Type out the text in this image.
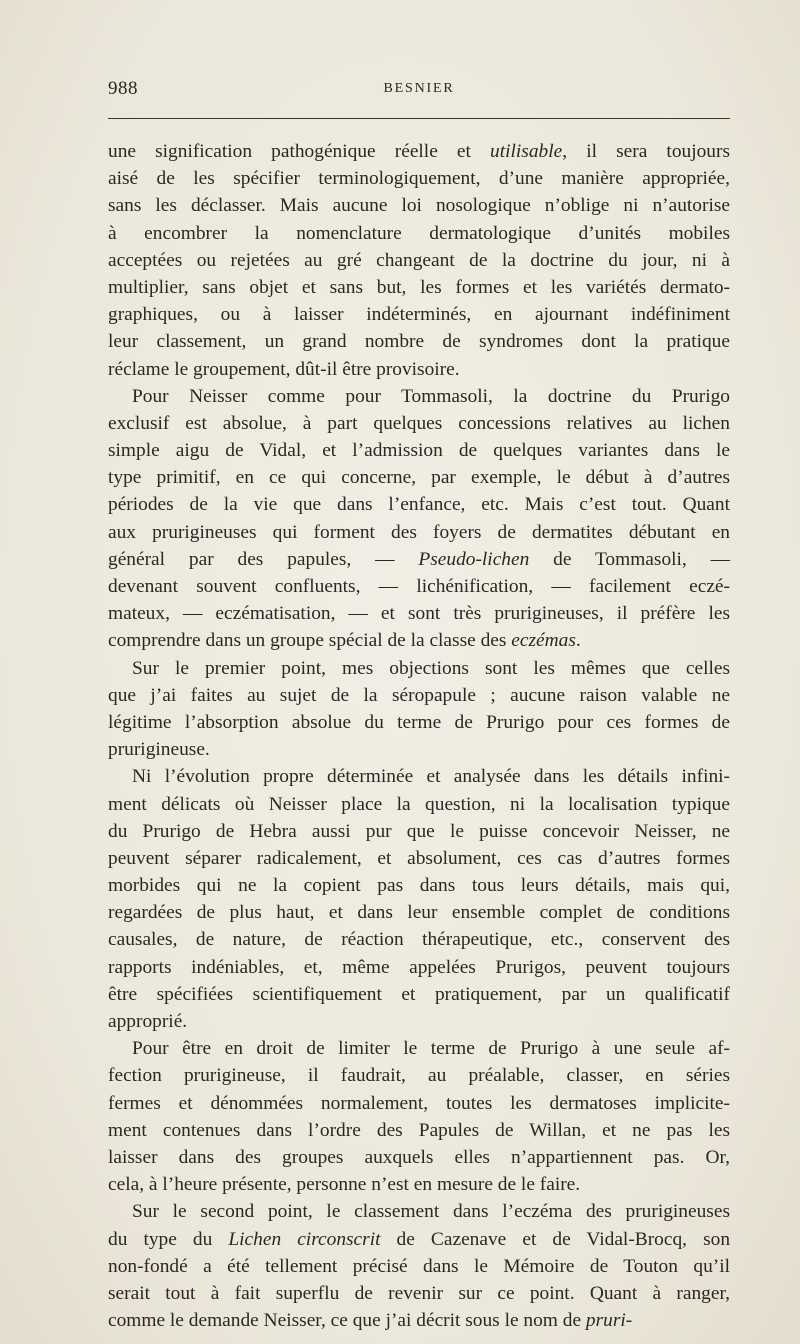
988	BESNIER
une signification pathogénique réelle et utilisable, il sera toujours
aisé de les spécifier terminologiquement, d’une manière appropriée,
sans les déclasser. Mais aucune loi nosologique n’oblige ni n’autorise
à encombrer la nomenclature dermatologique d’unités mobiles
acceptées ou rejetées au gré changeant de la doctrine du jour, ni à
multiplier, sans objet et sans but, les formes et les variétés dermato-
graphiques, ou à laisser indéterminés, en ajournant indéfiniment
leur classement, un grand nombre de syndromes dont la pratique
réclame le groupement, dût-il être provisoire.
Pour Neisser comme pour Tommasoli, la doctrine du Prurigo
exclusif est absolue, à part quelques concessions relatives au lichen
simple aigu de Vidal, et l’admission de quelques variantes dans le
type primitif, en ce qui concerne, par exemple, le début à d’autres
périodes de la vie que dans l’enfance, etc. Mais c’est tout. Quant
aux prurigineuses qui forment des foyers de dermatites débutant en
général par des papules, — Pseudo-lichen de Tommasoli, —
devenant souvent confluents, — lichénification, — facilement eczé-
mateux, — eczématisation, — et sont très prurigineuses, il préfère les
comprendre dans un groupe spécial de la classe des eczémas.
Sur le premier point, mes objections sont les mêmes que celles
que j’ai faites au sujet de la séropapule ; aucune raison valable ne
légitime l’absorption absolue du terme de Prurigo pour ces formes de
prurigineuse.
Ni l’évolution propre déterminée et analysée dans les détails infini-
ment délicats où Neisser place la question, ni la localisation typique
du Prurigo de Hebra aussi pur que le puisse concevoir Neisser, ne
peuvent séparer radicalement, et absolument, ces cas d’autres formes
morbides qui ne la copient pas dans tous leurs détails, mais qui,
regardées de plus haut, et dans leur ensemble complet de conditions
causales, de nature, de réaction thérapeutique, etc., conservent des
rapports indéniables, et, même appelées Prurigos, peuvent toujours
être spécifiées scientifiquement et pratiquement, par un qualificatif
approprié.
Pour être en droit de limiter le terme de Prurigo à une seule af-
fection prurigineuse, il faudrait, au préalable, classer, en séries
fermes et dénommées normalement, toutes les dermatoses implicite-
ment contenues dans l’ordre des Papules de Willan, et ne pas les
laisser dans des groupes auxquels elles n’appartiennent pas. Or,
cela, à l’heure présente, personne n’est en mesure de le faire.
Sur le second point, le classement dans l’eczéma des prurigineuses
du type du Lichen circonscrit de Cazenave et de Vidal-Brocq, son
non-fondé a été tellement précisé dans le Mémoire de Touton qu’il
serait tout à fait superflu de revenir sur ce point. Quant à ranger,
comme le demande Neisser, ce que j’ai décrit sous le nom de pruri-
